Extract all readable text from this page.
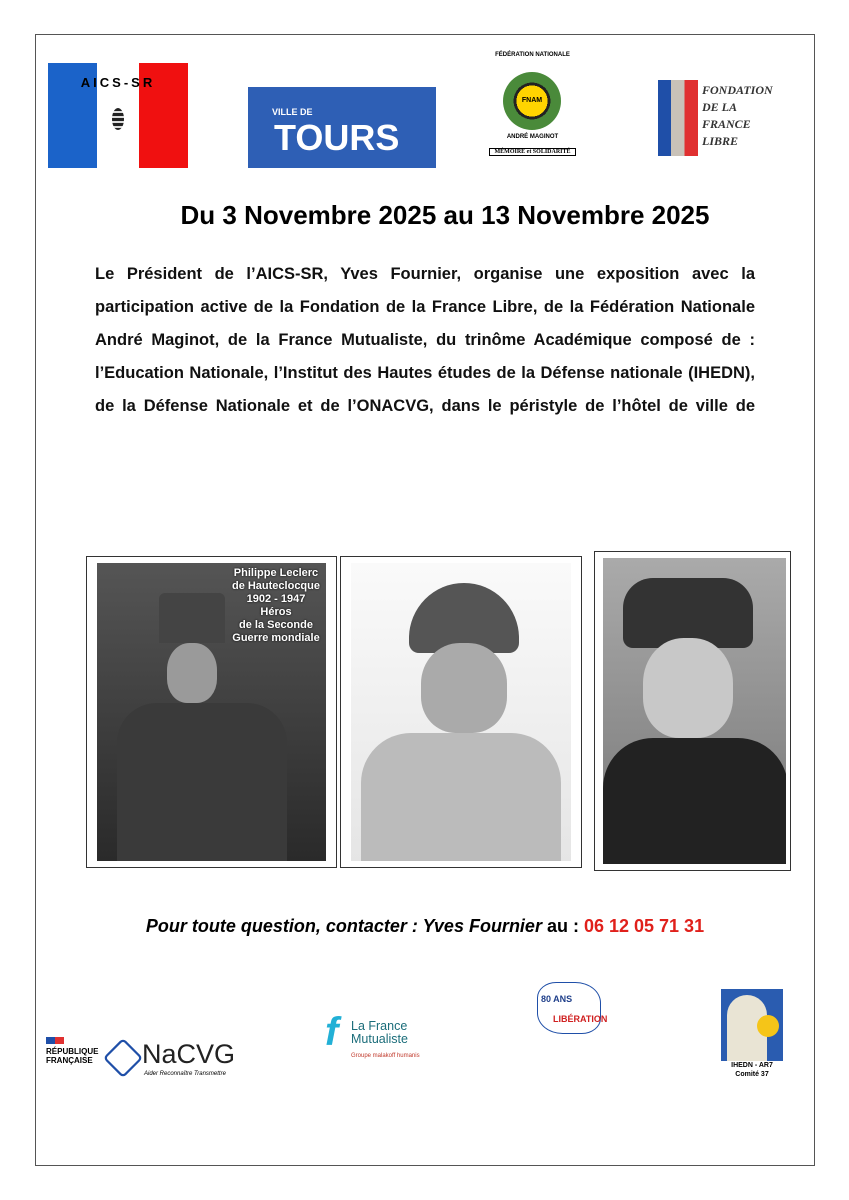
AICS-SR
VILLE DE
TOURS
FÉDÉRATION NATIONALE
FNAM
ANDRÉ MAGINOT
MÉMOIRE et SOLIDARITÉ
FONDATION
DE LA
FRANCE
LIBRE
Du 3 Novembre 2025 au 13 Novembre 2025
Le Président de l’AICS-SR, Yves Fournier, organise une exposition avec la participation active de la Fondation de la France Libre, de la Fédération Nationale André Maginot, de la France Mutualiste, du trinôme Académique composé de : l’Education Nationale, l’Institut des Hautes études de la Défense nationale (IHEDN), de la Défense Nationale et de l’ONACVG, dans le péristyle de l’hôtel de ville de
Philippe Leclerc
de Hauteclocque
1902 - 1947
Héros
de la Seconde
Guerre mondiale
Pour toute question, contacter : Yves Fournier au : 06 12 05 71 31
RÉPUBLIQUE
FRANÇAISE NaCVG
Aider Reconnaître Transmettre
f La France
Mutualiste
Groupe malakoff humanis
80 ANS
LIBÉRATION
IHEDN - AR7
Comité 37
